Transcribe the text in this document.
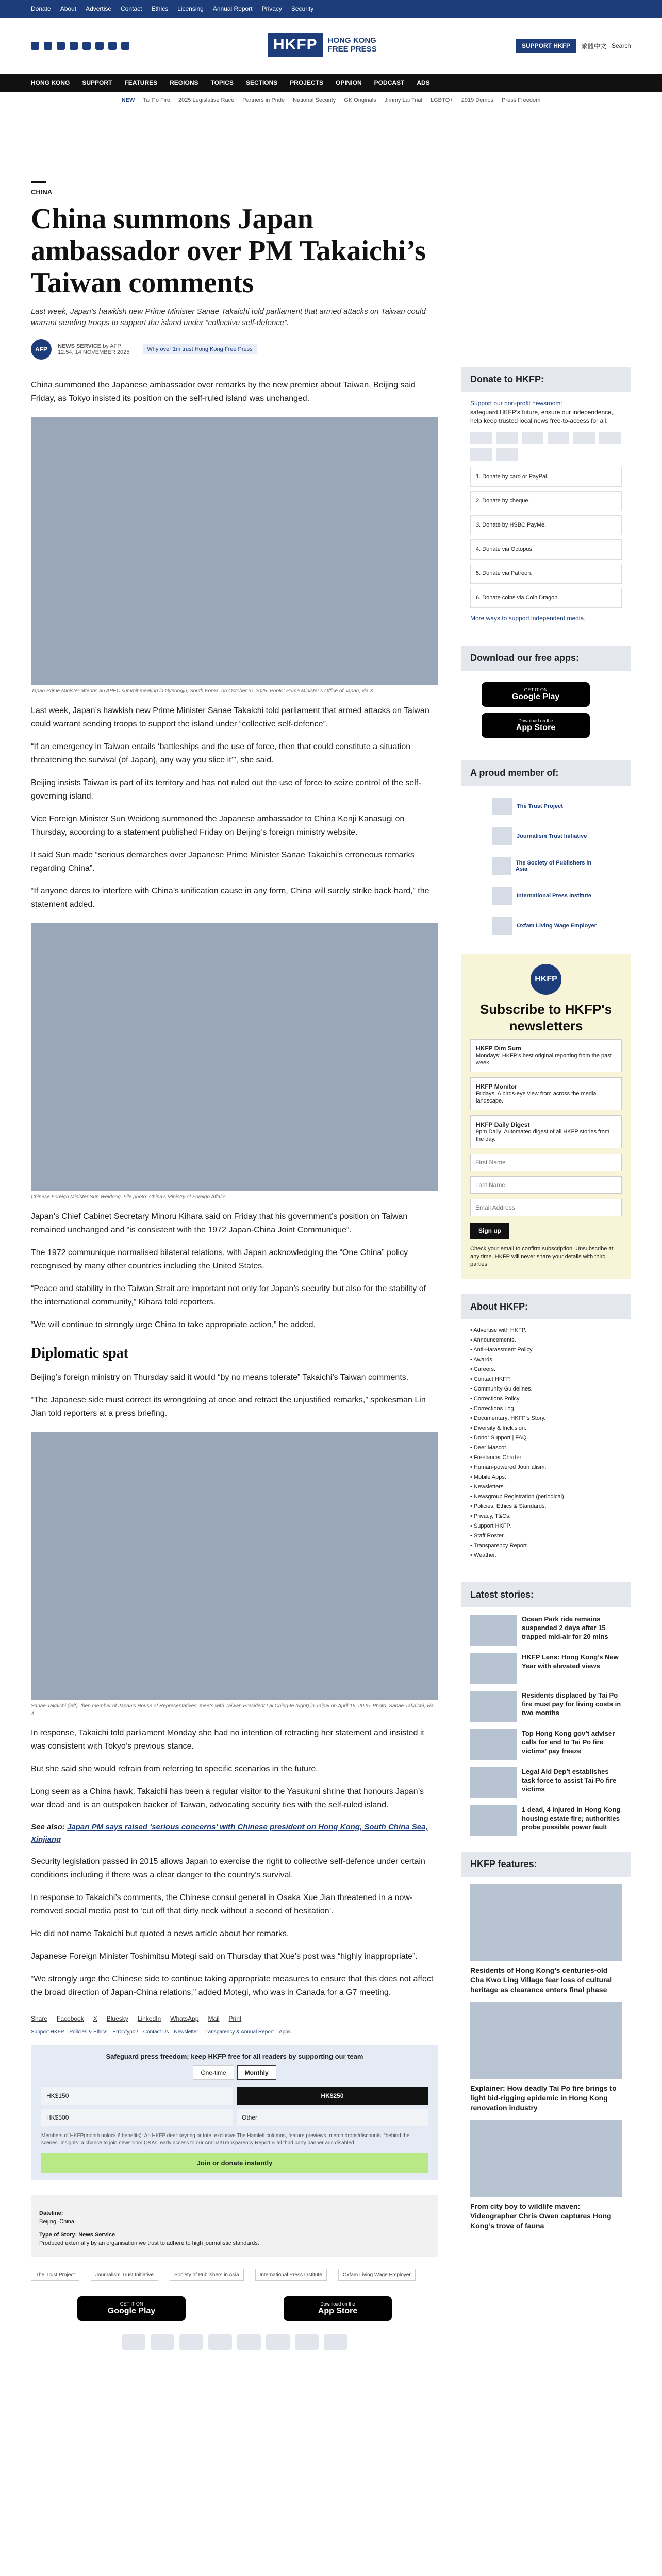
Donate About Advertise Contact Ethics Licensing Annual Report Privacy Security
HKFP	HONG KONG FREE PRESS	SUPPORT HKFP	繁體中文 Search
HONG KONG SUPPORT FEATURES REGIONS TOPICS SECTIONS PROJECTS OPINION PODCAST ADS
NEW Tai Po Fire 2025 Legislative Race Partners in Pride National Security GK Originals Jimmy Lai Trial LGBTQ+ 2019 Demos Press Freedom
CHINA
China summons Japan ambassador over PM Takaichi’s Taiwan comments

Last week, Japan’s hawkish new Prime Minister Sanae Takaichi told parliament that armed attacks on Taiwan could warrant sending troops to support the island under “collective self-defence”.

AFP	NEWS SERVICE by AFP
12:54, 14 NOVEMBER 2025	Why over 1m trust Hong Kong Free Press

China summoned the Japanese ambassador over remarks by the new premier about Taiwan, Beijing said Friday, as Tokyo insisted its position on the self-ruled island was unchanged.

Japan Prime Minister attends an APEC summit meeting in Gyeongju, South Korea, on October 31 2025. Photo: Prime Minister’s Office of Japan, via X.

Last week, Japan’s hawkish new Prime Minister Sanae Takaichi told parliament that armed attacks on Taiwan could warrant sending troops to support the island under “collective self-defence”.

“If an emergency in Taiwan entails ‘battleships and the use of force, then that could constitute a situation threatening the survival (of Japan), any way you slice it’”, she said.

Beijing insists Taiwan is part of its territory and has not ruled out the use of force to seize control of the self-governing island.

Vice Foreign Minister Sun Weidong summoned the Japanese ambassador to China Kenji Kanasugi on Thursday, according to a statement published Friday on Beijing’s foreign ministry website.

It said Sun made “serious demarches over Japanese Prime Minister Sanae Takaichi’s erroneous remarks regarding China”.

“If anyone dares to interfere with China’s unification cause in any form, China will surely strike back hard,” the statement added.

Chinese Foreign Minister Sun Weidong. File photo: China’s Ministry of Foreign Affairs.

Japan’s Chief Cabinet Secretary Minoru Kihara said on Friday that his government’s position on Taiwan remained unchanged and “is consistent with the 1972 Japan-China Joint Communique”.

The 1972 communique normalised bilateral relations, with Japan acknowledging the “One China” policy recognised by many other countries including the United States.

“Peace and stability in the Taiwan Strait are important not only for Japan’s security but also for the stability of the international community,” Kihara told reporters.

“We will continue to strongly urge China to take appropriate action,” he added.

Diplomatic spat

Beijing’s foreign ministry on Thursday said it would “by no means tolerate” Takaichi’s Taiwan comments.

“The Japanese side must correct its wrongdoing at once and retract the unjustified remarks,” spokesman Lin Jian told reporters at a press briefing.

Sanae Takaichi (left), then member of Japan’s House of Representatives, meets with Taiwan President Lai Ching-te (right) in Taipei on April 16, 2025. Photo: Sanae Takaichi, via X.

In response, Takaichi told parliament Monday she had no intention of retracting her statement and insisted it was consistent with Tokyo’s previous stance.

But she said she would refrain from referring to specific scenarios in the future.

Long seen as a China hawk, Takaichi has been a regular visitor to the Yasukuni shrine that honours Japan’s war dead and is an outspoken backer of Taiwan, advocating security ties with the self-ruled island.

See also: Japan PM says raised ‘serious concerns’ with Chinese president on Hong Kong, South China Sea, Xinjiang

Security legislation passed in 2015 allows Japan to exercise the right to collective self-defence under certain conditions including if there was a clear danger to the country’s survival.

In response to Takaichi’s comments, the Chinese consul general in Osaka Xue Jian threatened in a now-removed social media post to ‘cut off that dirty neck without a second of hesitation’.

He did not name Takaichi but quoted a news article about her remarks.

Japanese Foreign Minister Toshimitsu Motegi said on Thursday that Xue’s post was “highly inappropriate”.

“We strongly urge the Chinese side to continue taking appropriate measures to ensure that this does not affect the broad direction of Japan-China relations,” added Motegi, who was in Canada for a G7 meeting.

Share Facebook X Bluesky LinkedIn WhatsApp Mail Print
Support HKFP Policies & Ethics Error/typo? Contact Us Newsletter Transparency & Annual Report Apps
Safeguard press freedom; keep HKFP free for all readers by supporting our team
One-time	Monthly
HK$150	HK$250
HK$500	Other
Members of HKFP(month unlock 6 benefits): An HKFP deer keyring or tote, exclusive The Hamlett columns, feature previews, merch drops/discounts, “behind the scenes” insights; a chance to join newsroom Q&As, early access to our Annual/Transparency Report & all third party banner ads disabled.
Join or donate instantly
Dateline:
Beijing, China
Type of Story: News Service
Produced externally by an organisation we trust to adhere to high journalistic standards.
The Trust Project	Journalism Trust Initiative	Society of Publishers in Asia	International Press Institute	Oxfam Living Wage Employer
GET IT ON
Google Play
Download on the
App Store
Donate to HKFP:
Support our non-profit newsroom:
safeguard HKFP's future, ensure our independence, help keep trusted local news free-to-access for all.
1. Donate by card or PayPal.
2. Donate by cheque.
3. Donate by HSBC PayMe.
4. Donate via Octopus.
5. Donate via Patreon.
6. Donate coins via Coin Dragon.
More ways to support independent media.
Download our free apps:
GET IT ON
Google Play
Download on the
App Store
A proud member of:
The Trust Project
Journalism Trust Initiative
The Society of Publishers in Asia
International Press Institute
Oxfam Living Wage Employer
HKFP
Subscribe to HKFP's newsletters
HKFP Dim Sum
Mondays: HKFP's best original reporting from the past week.
HKFP Monitor
Fridays: A birds-eye view from across the media landscape.
HKFP Daily Digest
9pm Daily: Automated digest of all HKFP stories from the day.
First Name
Last Name
Email Address
Sign up
Check your email to confirm subscription. Unsubscribe at any time. HKFP will never share your details with third parties.
About HKFP:
• Advertise with HKFP.
• Announcements.
• Anti-Harassment Policy.
• Awards.
• Careers.
• Contact HKFP.
• Community Guidelines.
• Corrections Policy.
• Corrections Log.
• Documentary: HKFP's Story.
• Diversity & Inclusion.
• Donor Support | FAQ.
• Deer Mascot.
• Freelancer Charter.
• Human-powered Journalism.
• Mobile Apps.
• Newsletters.
• Newsgroup Registration (periodical).
• Policies, Ethics & Standards.
• Privacy, T&Cs.
• Support HKFP.
• Staff Roster.
• Transparency Report.
• Weather.
Latest stories:
Ocean Park ride remains suspended 2 days after 15 trapped mid-air for 20 mins
HKFP Lens: Hong Kong’s New Year with elevated views
Residents displaced by Tai Po fire must pay for living costs in two months
Top Hong Kong gov’t adviser calls for end to Tai Po fire victims’ pay freeze
Legal Aid Dep’t establishes task force to assist Tai Po fire victims
1 dead, 4 injured in Hong Kong housing estate fire; authorities probe possible power fault
HKFP features:
Residents of Hong Kong’s centuries-old Cha Kwo Ling Village fear loss of cultural heritage as clearance enters final phase
Explainer: How deadly Tai Po fire brings to light bid-rigging epidemic in Hong Kong renovation industry
From city boy to wildlife maven: Videographer Chris Owen captures Hong Kong’s trove of fauna
